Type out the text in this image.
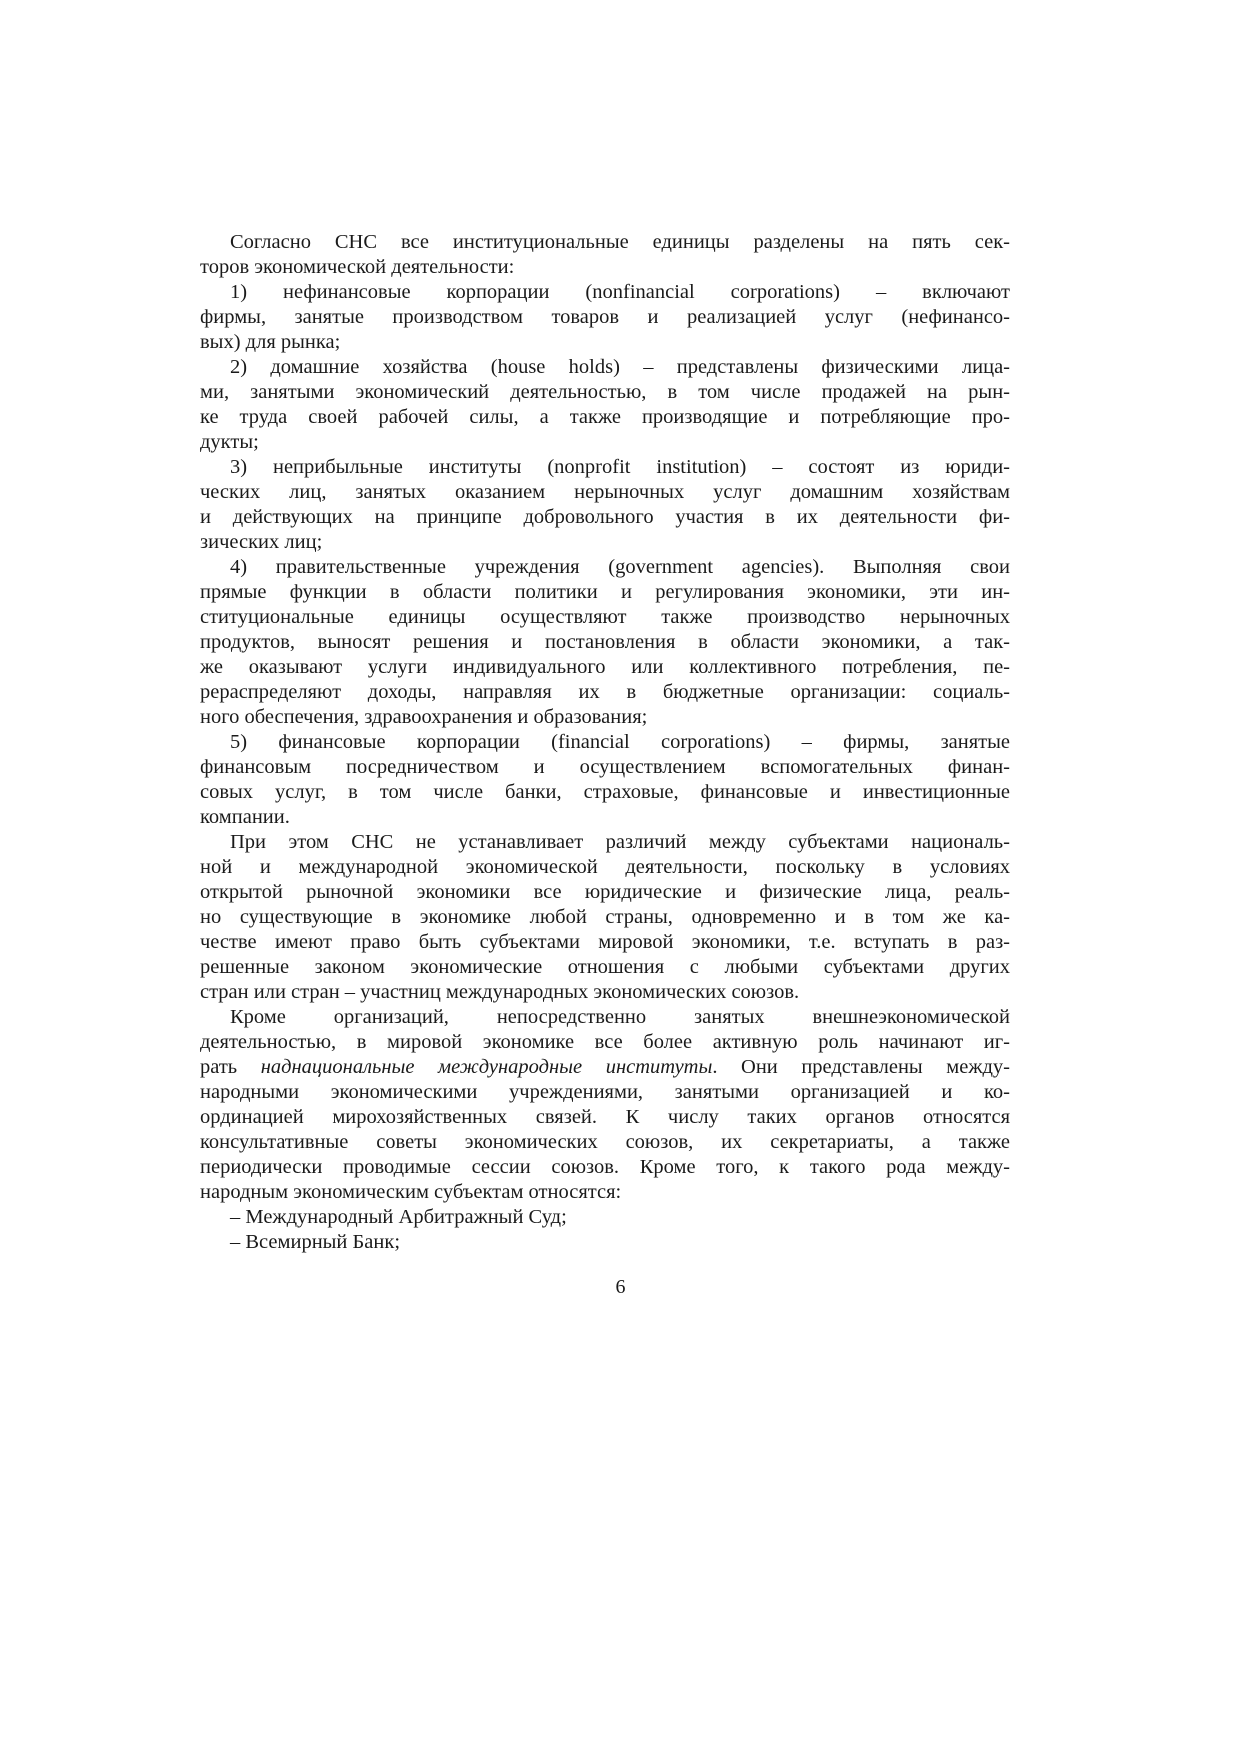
Согласно СНС все институциональные единицы разделены на пять сек-
торов экономической деятельности:
1) нефинансовые корпорации (nonfinancial corporations) – включают
фирмы, занятые производством товаров и реализацией услуг (нефинансо-
вых) для рынка;
2) домашние хозяйства (house holds) – представлены физическими лица-
ми, занятыми экономический деятельностью, в том числе продажей на рын-
ке труда своей рабочей силы, а также производящие и потребляющие про-
дукты;
3) неприбыльные институты (nonprofit institution) – состоят из юриди-
ческих лиц, занятых оказанием нерыночных услуг домашним хозяйствам
и действующих на принципе добровольного участия в их деятельности фи-
зических лиц;
4) правительственные учреждения (government agencies). Выполняя свои
прямые функции в области политики и регулирования экономики, эти ин-
ституциональные единицы осуществляют также производство нерыночных
продуктов, выносят решения и постановления в области экономики, а так-
же оказывают услуги индивидуального или коллективного потребления, пе-
рераспределяют доходы, направляя их в бюджетные организации: социаль-
ного обеспечения, здравоохранения и образования;
5) финансовые корпорации (financial corporations) – фирмы, занятые
финансовым посредничеством и осуществлением вспомогательных финан-
совых услуг, в том числе банки, страховые, финансовые и инвестиционные
компании.
При этом СНС не устанавливает различий между субъектами националь-
ной и международной экономической деятельности, поскольку в условиях
открытой рыночной экономики все юридические и физические лица, реаль-
но существующие в экономике любой страны, одновременно и в том же ка-
честве имеют право быть субъектами мировой экономики, т.е. вступать в раз-
решенные законом экономические отношения с любыми субъектами других
стран или стран – участниц международных экономических союзов.
Кроме организаций, непосредственно занятых внешнеэкономической
деятельностью, в мировой экономике все более активную роль начинают иг-
рать наднациональные международные институты. Они представлены между-
народными экономическими учреждениями, занятыми организацией и ко-
ординацией мирохозяйственных связей. К числу таких органов относятся
консультативные советы экономических союзов, их секретариаты, а также
периодически проводимые сессии союзов. Кроме того, к такого рода между-
народным экономическим субъектам относятся:
– Международный Арбитражный Суд;
– Всемирный Банк;
6
